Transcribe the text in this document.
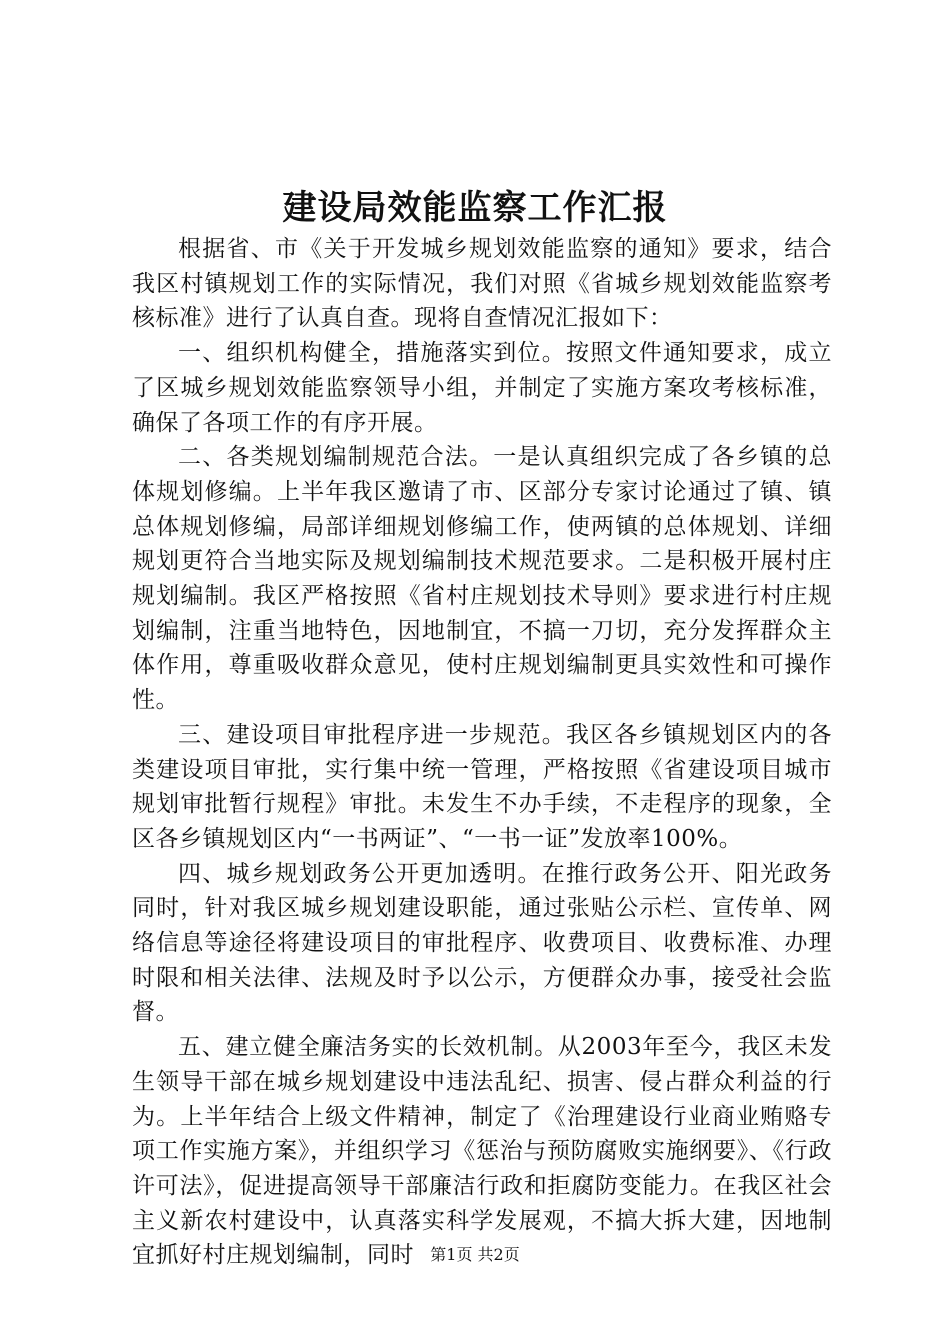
建设局效能监察工作汇报

根据省、市《关于开发城乡规划效能监察的通知》要求，结合我区村镇规划工作的实际情况，我们对照《省城乡规划效能监察考核标准》进行了认真自查。现将自查情况汇报如下：

一、组织机构健全，措施落实到位。按照文件通知要求，成立了区城乡规划效能监察领导小组，并制定了实施方案攻考核标准，确保了各项工作的有序开展。

二、各类规划编制规范合法。一是认真组织完成了各乡镇的总体规划修编。上半年我区邀请了市、区部分专家讨论通过了镇、镇总体规划修编，局部详细规划修编工作，使两镇的总体规划、详细规划更符合当地实际及规划编制技术规范要求。二是积极开展村庄规划编制。我区严格按照《省村庄规划技术导则》要求进行村庄规划编制，注重当地特色，因地制宜，不搞一刀切，充分发挥群众主体作用，尊重吸收群众意见，使村庄规划编制更具实效性和可操作性。

三、建设项目审批程序进一步规范。我区各乡镇规划区内的各类建设项目审批，实行集中统一管理，严格按照《省建设项目城市规划审批暂行规程》审批。未发生不办手续，不走程序的现象，全区各乡镇规划区内“一书两证”、“一书一证”发放率100%。

四、城乡规划政务公开更加透明。在推行政务公开、阳光政务同时，针对我区城乡规划建设职能，通过张贴公示栏、宣传单、网络信息等途径将建设项目的审批程序、收费项目、收费标准、办理时限和相关法律、法规及时予以公示，方便群众办事，接受社会监督。

五、建立健全廉洁务实的长效机制。从2003年至今，我区未发生领导干部在城乡规划建设中违法乱纪、损害、侵占群众利益的行为。上半年结合上级文件精神，制定了《治理建设行业商业贿赂专项工作实施方案》，并组织学习《惩治与预防腐败实施纲要》、《行政许可法》，促进提高领导干部廉洁行政和拒腐防变能力。在我区社会主义新农村建设中，认真落实科学发展观，不搞大拆大建，因地制宜抓好村庄规划编制，同时	第1页 共2页
